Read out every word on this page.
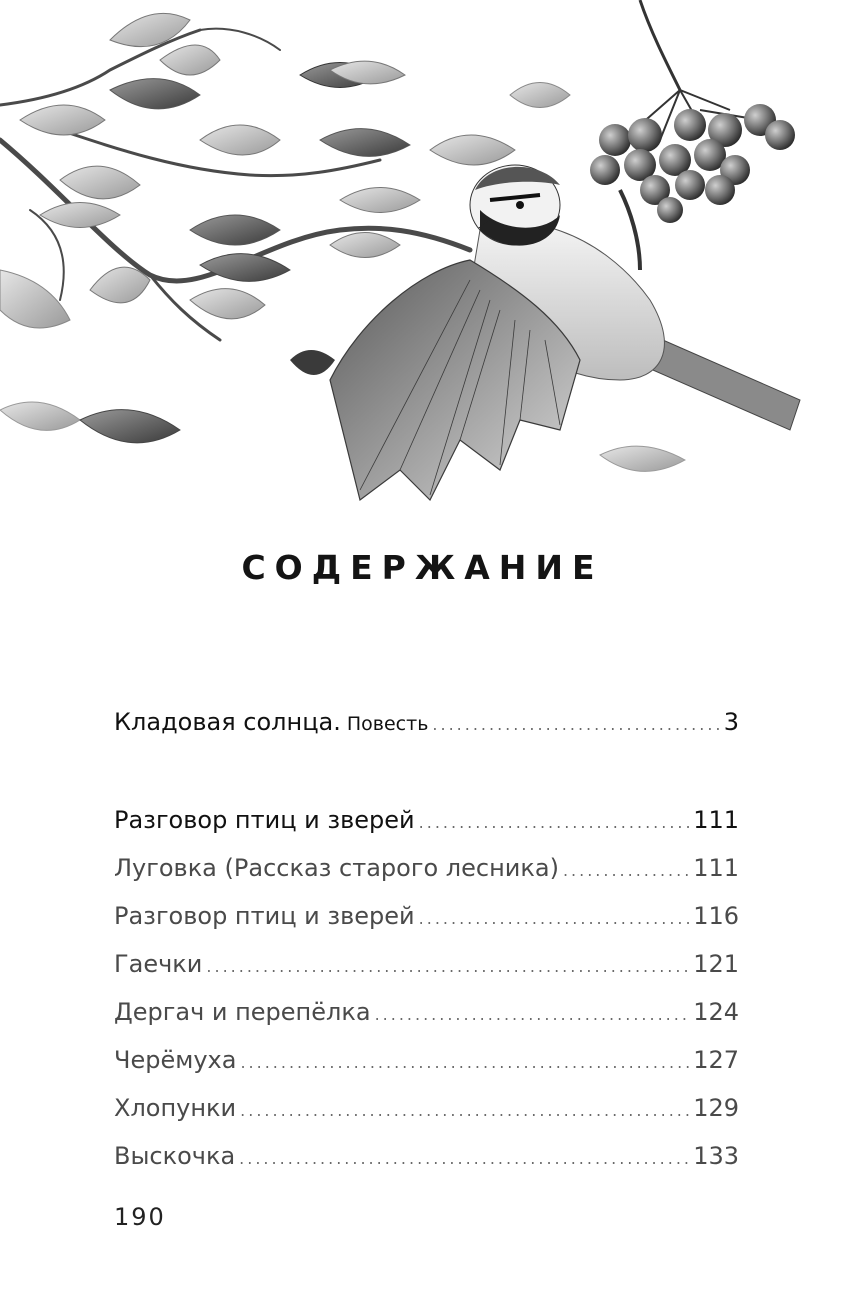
СОДЕРЖАНИЕ
Кладовая солнца. Повесть .....	3
Разговор птиц и зверей .....	111
Луговка (Рассказ старого лесника) .....	111
Разговор птиц и зверей .....	116
Гаечки .....	121
Дергач и перепёлка .....	124
Черёмуха .....	127
Хлопунки .....	129
Выскочка .....	133
190
